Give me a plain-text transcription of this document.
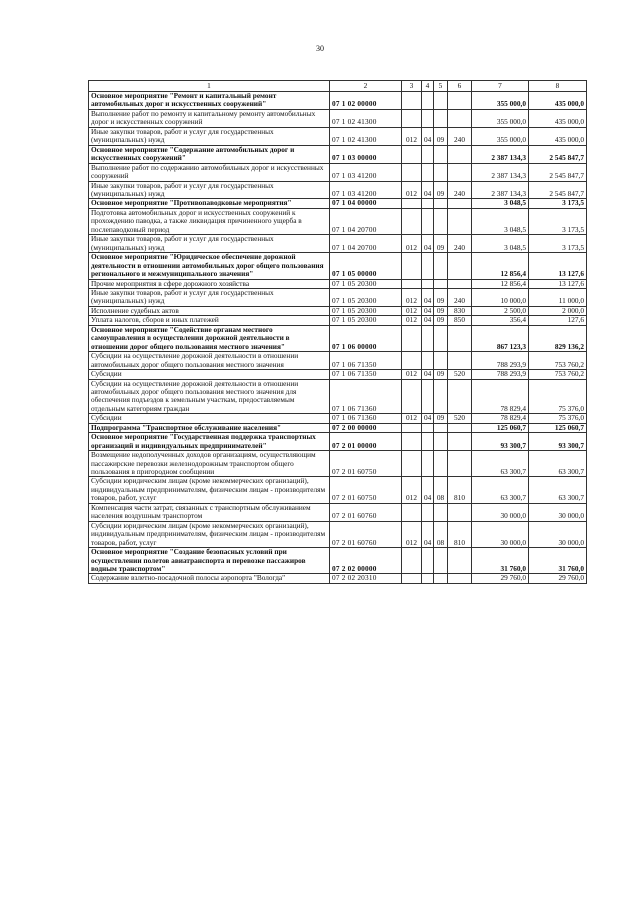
30
1	2	3	4	5	6	7	8
Основное мероприятие "Ремонт и капитальный ремонт автомобильных дорог и искусственных сооружений"	07 1 02 00000					355 000,0	435 000,0
Выполнение работ по ремонту и капитальному ремонту автомобильных дорог и искусственных сооружений	07 1 02 41300					355 000,0	435 000,0
Иные закупки товаров, работ и услуг для государственных (муниципальных) нужд	07 1 02 41300	012	04	09	240	355 000,0	435 000,0
Основное мероприятие "Содержание автомобильных дорог и искусственных сооружений"	07 1 03 00000					2 387 134,3	2 545 847,7
Выполнение работ по содержанию автомобильных дорог и искусственных сооружений	07 1 03 41200					2 387 134,3	2 545 847,7
Иные закупки товаров, работ и услуг для государственных (муниципальных) нужд	07 1 03 41200	012	04	09	240	2 387 134,3	2 545 847,7
Основное мероприятие "Противопаводковые мероприятия"	07 1 04 00000					3 048,5	3 173,5
Подготовка автомобильных дорог и искусственных сооружений к прохождению паводка, а также ликвидация причиненного ущерба в послепаводковый период	07 1 04 20700					3 048,5	3 173,5
Иные закупки товаров, работ и услуг для государственных (муниципальных) нужд	07 1 04 20700	012	04	09	240	3 048,5	3 173,5
Основное мероприятие "Юридическое обеспечение дорожной деятельности в отношении автомобильных дорог общего пользования регионального и межмуниципального значения"	07 1 05 00000					12 856,4	13 127,6
Прочие мероприятия в сфере дорожного хозяйства	07 1 05 20300					12 856,4	13 127,6
Иные закупки товаров, работ и услуг для государственных (муниципальных) нужд	07 1 05 20300	012	04	09	240	10 000,0	11 000,0
Исполнение судебных актов	07 1 05 20300	012	04	09	830	2 500,0	2 000,0
Уплата налогов, сборов и иных платежей	07 1 05 20300	012	04	09	850	356,4	127,6
Основное мероприятие "Содействие органам местного самоуправления в осуществлении дорожной деятельности в отношении дорог общего пользования местного значения"	07 1 06 00000					867 123,3	829 136,2
Субсидии на осуществление дорожной деятельности в отношении автомобильных дорог общего пользования местного значения	07 1 06 71350					788 293,9	753 760,2
Субсидии	07 1 06 71350	012	04	09	520	788 293,9	753 760,2
Субсидии на осуществление дорожной деятельности в отношении автомобильных дорог общего пользования местного значения для обеспечения подъездов к земельным участкам, предоставляемым отдельным категориям граждан	07 1 06 71360					78 829,4	75 376,0
Субсидии	07 1 06 71360	012	04	09	520	78 829,4	75 376,0
Подпрограмма "Транспортное обслуживание населения"	07 2 00 00000					125 060,7	125 060,7
Основное мероприятие "Государственная поддержка транспортных организаций и индивидуальных предпринимателей"	07 2 01 00000					93 300,7	93 300,7
Возмещение недополученных доходов организациям, осуществляющим пассажирские перевозки железнодорожным транспортом общего пользования в пригородном сообщении	07 2 01 60750					63 300,7	63 300,7
Субсидии юридическим лицам (кроме некоммерческих организаций), индивидуальным предпринимателям, физическим лицам - производителям товаров, работ, услуг	07 2 01 60750	012	04	08	810	63 300,7	63 300,7
Компенсация части затрат, связанных с транспортным обслуживанием населения воздушным транспортом	07 2 01 60760					30 000,0	30 000,0
Субсидии юридическим лицам (кроме некоммерческих организаций), индивидуальным предпринимателям, физическим лицам - производителям товаров, работ, услуг	07 2 01 60760	012	04	08	810	30 000,0	30 000,0
Основное мероприятие "Создание безопасных условий при осуществлении полетов авиатранспорта и перевозке пассажиров водным транспортом"	07 2 02 00000					31 760,0	31 760,0
Содержание взлетно-посадочной полосы аэропорта "Вологда"	07 2 02 20310					29 760,0	29 760,0
